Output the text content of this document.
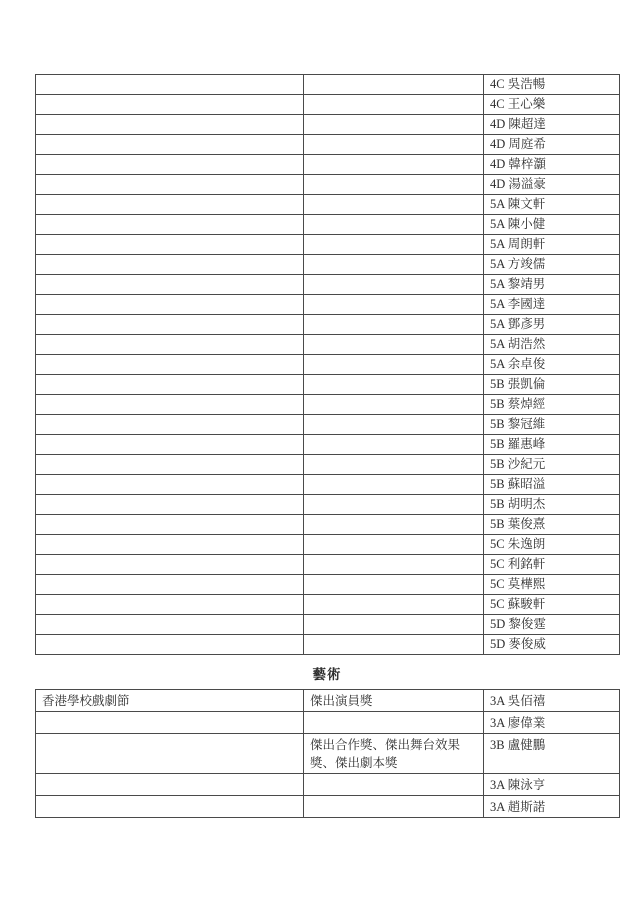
		4C 吳浩暢
		4C 王心樂
		4D 陳超達
		4D 周庭希
		4D 韓梓灝
		4D 湯溢豪
		5A 陳文軒
		5A 陳小健
		5A 周朗軒
		5A 方竣儒
		5A 黎靖男
		5A 李國達
		5A 鄧彥男
		5A 胡浩然
		5A 余卓俊
		5B 張凱倫
		5B 蔡焯經
		5B 黎冠維
		5B 羅惠峰
		5B 沙紀元
		5B 蘇昭溢
		5B 胡明杰
		5B 葉俊熹
		5C 朱逸朗
		5C 利銘軒
		5C 莫樺熙
		5C 蘇駿軒
		5D 黎俊霆
		5D 麥俊威
藝術
香港學校戲劇節	傑出演員獎	3A 吳佰禧
		3A 廖偉業
	傑出合作獎、傑出舞台效果獎、傑出劇本獎	3B 盧健鵬
		3A 陳泳亨
		3A 趙斯諾
